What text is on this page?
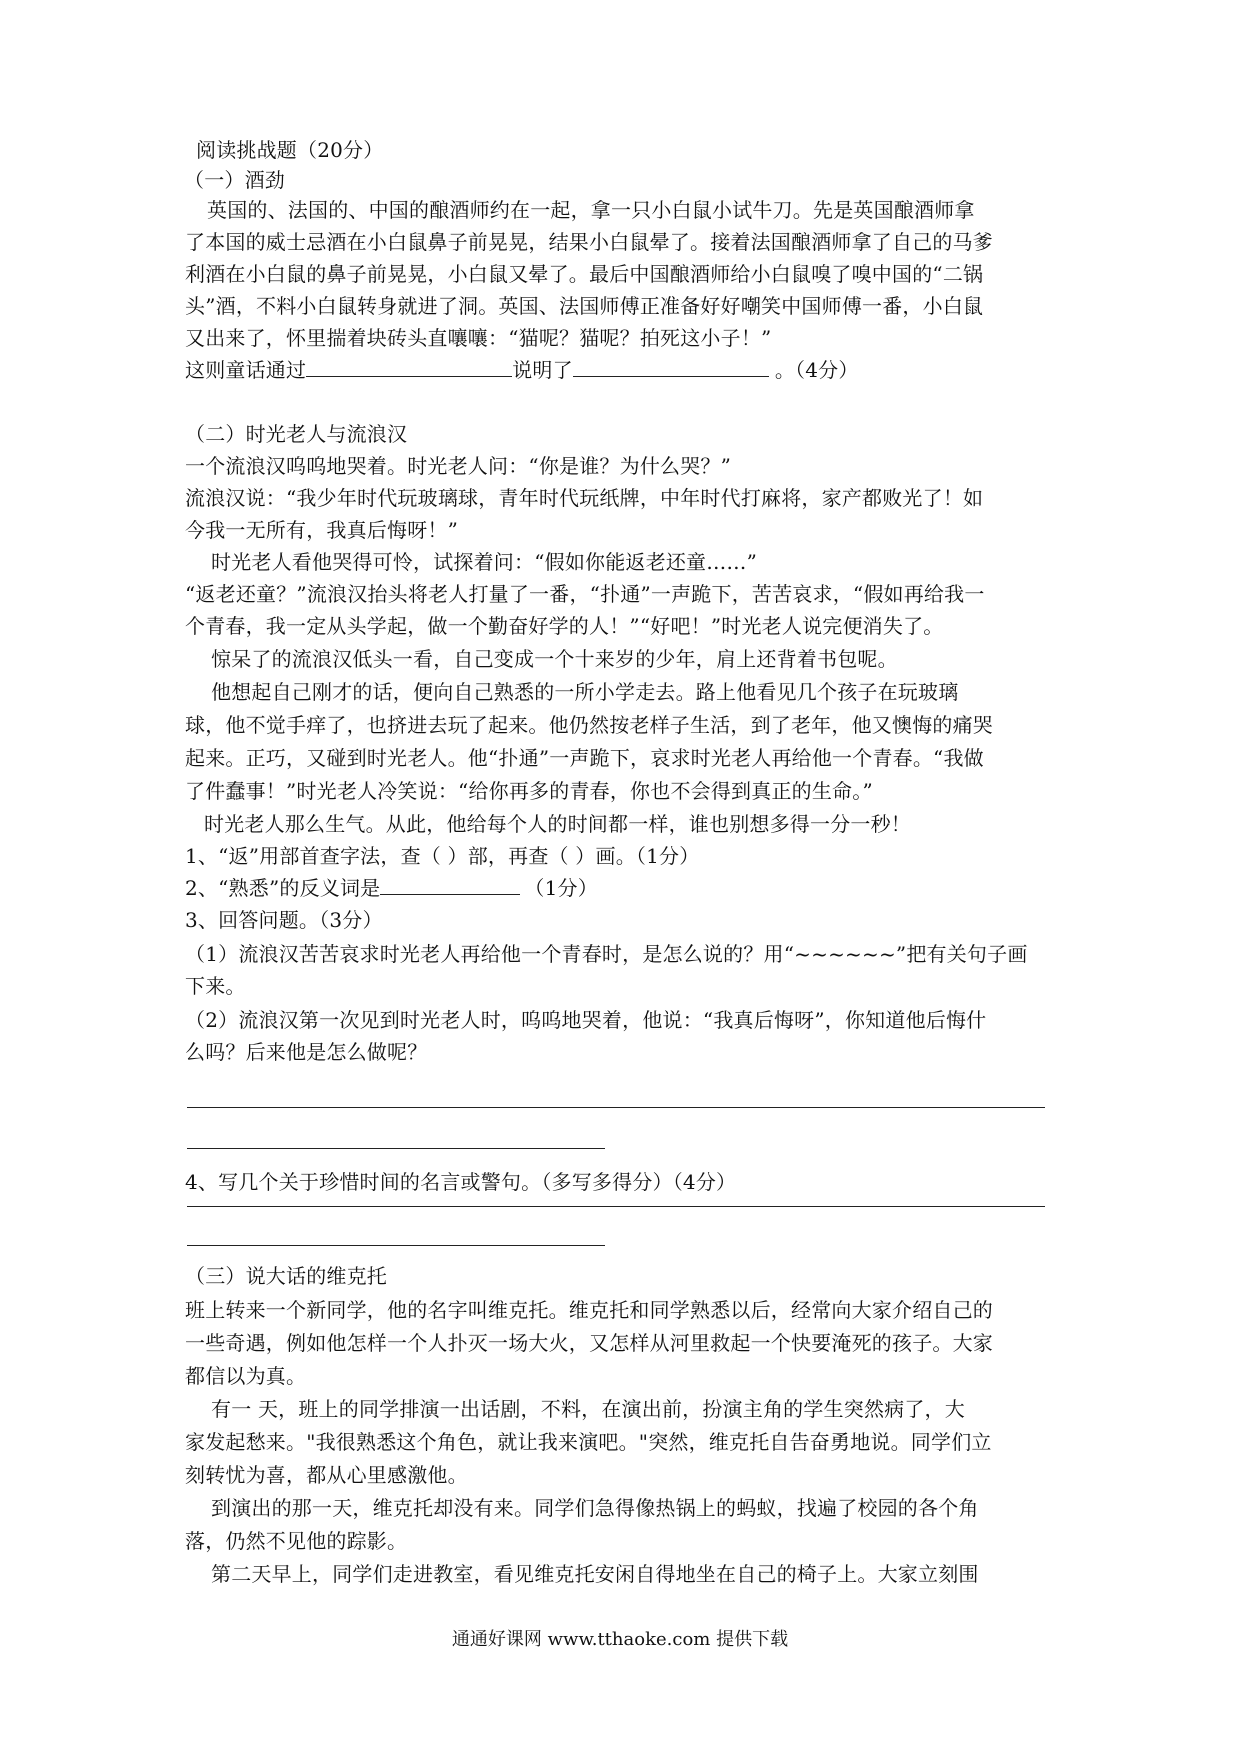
阅读挑战题（20分）
（一）酒劲
英国的、法国的、中国的酿酒师约在一起，拿一只小白鼠小试牛刀。先是英国酿酒师拿
了本国的威士忌酒在小白鼠鼻子前晃晃，结果小白鼠晕了。接着法国酿酒师拿了自己的马爹
利酒在小白鼠的鼻子前晃晃，小白鼠又晕了。最后中国酿酒师给小白鼠嗅了嗅中国的“二锅
头”酒，不料小白鼠转身就进了洞。英国、法国师傅正准备好好嘲笑中国师傅一番，小白鼠
又出来了，怀里揣着块砖头直嚷嚷：“猫呢？猫呢？拍死这小子！”
这则童话通过	说明了	。（4分）
（二）时光老人与流浪汉
一个流浪汉呜呜地哭着。时光老人问：“你是谁？为什么哭？”
流浪汉说：“我少年时代玩玻璃球，青年时代玩纸牌，中年时代打麻将，家产都败光了！如
今我一无所有，我真后悔呀！”
时光老人看他哭得可怜，试探着问：“假如你能返老还童……”
“返老还童？”流浪汉抬头将老人打量了一番，“扑通”一声跪下，苦苦哀求，“假如再给我一
个青春，我一定从头学起，做一个勤奋好学的人！”“好吧！”时光老人说完便消失了。
惊呆了的流浪汉低头一看，自己变成一个十来岁的少年，肩上还背着书包呢。
他想起自己刚才的话，便向自己熟悉的一所小学走去。路上他看见几个孩子在玩玻璃
球，他不觉手痒了，也挤进去玩了起来。他仍然按老样子生活，到了老年，他又懊悔的痛哭
起来。正巧，又碰到时光老人。他“扑通”一声跪下，哀求时光老人再给他一个青春。“我做
了件蠢事！”时光老人冷笑说：“给你再多的青春，你也不会得到真正的生命。”
时光老人那么生气。从此，他给每个人的时间都一样，谁也别想多得一分一秒！
1、“返”用部首查字法，查（ ）部，再查（ ）画。（1分）
2、“熟悉”的反义词是	（1分）
3、回答问题。（3分）
（1）流浪汉苦苦哀求时光老人再给他一个青春时，是怎么说的？用“~~~~~~”把有关句子画
下来。
（2）流浪汉第一次见到时光老人时，呜呜地哭着，他说：“我真后悔呀”，你知道他后悔什
么吗？后来他是怎么做呢？
4、写几个关于珍惜时间的名言或警句。（多写多得分）（4分）
（三）说大话的维克托
班上转来一个新同学，他的名字叫维克托。维克托和同学熟悉以后，经常向大家介绍自己的
一些奇遇，例如他怎样一个人扑灭一场大火，又怎样从河里救起一个快要淹死的孩子。大家
都信以为真。
有一 天，班上的同学排演一出话剧，不料，在演出前，扮演主角的学生突然病了，大
家发起愁来。"我很熟悉这个角色，就让我来演吧。"突然，维克托自告奋勇地说。同学们立
刻转忧为喜，都从心里感激他。
到演出的那一天，维克托却没有来。同学们急得像热锅上的蚂蚁，找遍了校园的各个角
落，仍然不见他的踪影。
第二天早上，同学们走进教室，看见维克托安闲自得地坐在自己的椅子上。大家立刻围
通通好课网 www.tthaoke.com 提供下载
